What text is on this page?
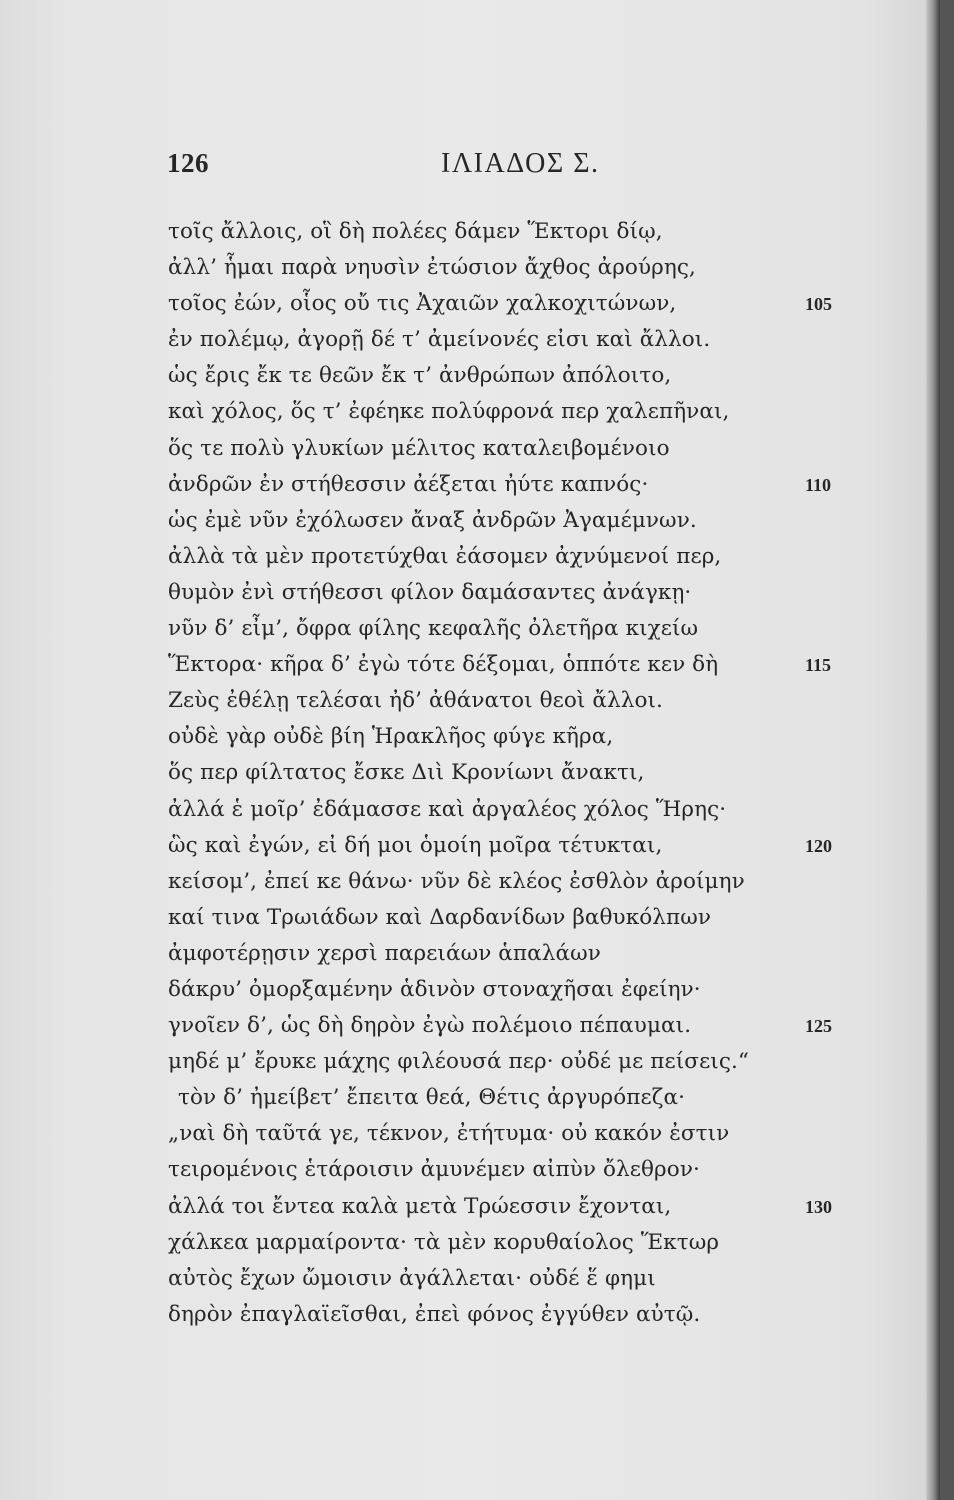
126	ΙΛΙΑΔΟΣ Σ.
τοῖς ἄλλοις, οἳ δὴ πολέες δάμεν Ἕκτορι δίῳ,
ἀλλ’ ἧμαι παρὰ νηυσὶν ἐτώσιον ἄχθος ἀρούρης,
τοῖος ἐών, οἷος οὔ τις Ἀχαιῶν χαλκοχιτώνων,	105
ἐν πολέμῳ, ἀγορῇ δέ τ’ ἀμείνονές εἰσι καὶ ἄλλοι.
ὡς ἔρις ἔκ τε θεῶν ἔκ τ’ ἀνθρώπων ἀπόλοιτο,
καὶ χόλος, ὅς τ’ ἐφέηκε πολύφρονά περ χαλεπῆναι,
ὅς τε πολὺ γλυκίων μέλιτος καταλειβομένοιο
ἀνδρῶν ἐν στήθεσσιν ἀέξεται ἠύτε καπνός·	110
ὡς ἐμὲ νῦν ἐχόλωσεν ἄναξ ἀνδρῶν Ἀγαμέμνων.
ἀλλὰ τὰ μὲν προτετύχθαι ἐάσομεν ἀχνύμενοί περ,
θυμὸν ἐνὶ στήθεσσι φίλον δαμάσαντες ἀνάγκῃ·
νῦν δ’ εἶμ’, ὄφρα φίλης κεφαλῆς ὀλετῆρα κιχείω
Ἕκτορα· κῆρα δ’ ἐγὼ τότε δέξομαι, ὁππότε κεν δὴ	115
Ζεὺς ἐθέλῃ τελέσαι ἠδ’ ἀθάνατοι θεοὶ ἄλλοι.
οὐδὲ γὰρ οὐδὲ βίη Ἡρακλῆος φύγε κῆρα,
ὅς περ φίλτατος ἔσκε Διὶ Κρονίωνι ἄνακτι,
ἀλλά ἑ μοῖρ’ ἐδάμασσε καὶ ἀργαλέος χόλος Ἥρης·
ὣς καὶ ἐγών, εἰ δή μοι ὁμοίη μοῖρα τέτυκται,	120
κείσομ’, ἐπεί κε θάνω· νῦν δὲ κλέος ἐσθλὸν ἀροίμην
καί τινα Τρωιάδων καὶ Δαρδανίδων βαθυκόλπων
ἀμφοτέρῃσιν χερσὶ παρειάων ἁπαλάων
δάκρυ’ ὀμορξαμένην ἁδινὸν στοναχῆσαι ἐφείην·
γνοῖεν δ’, ὡς δὴ δηρὸν ἐγὼ πολέμοιο πέπαυμαι.	125
μηδέ μ’ ἔρυκε μάχης φιλέουσά περ· οὐδέ με πείσεις.“
τὸν δ’ ἠμείβετ’ ἔπειτα θεά, Θέτις ἀργυρόπεζα·
„ναὶ δὴ ταῦτά γε, τέκνον, ἐτήτυμα· οὐ κακόν ἐστιν
τειρομένοις ἑτάροισιν ἀμυνέμεν αἰπὺν ὄλεθρον·
ἀλλά τοι ἔντεα καλὰ μετὰ Τρώεσσιν ἔχονται,	130
χάλκεα μαρμαίροντα· τὰ μὲν κορυθαίολος Ἕκτωρ
αὐτὸς ἔχων ὤμοισιν ἀγάλλεται· οὐδέ ἕ φημι
δηρὸν ἐπαγλαϊεῖσθαι, ἐπεὶ φόνος ἐγγύθεν αὐτῷ.
